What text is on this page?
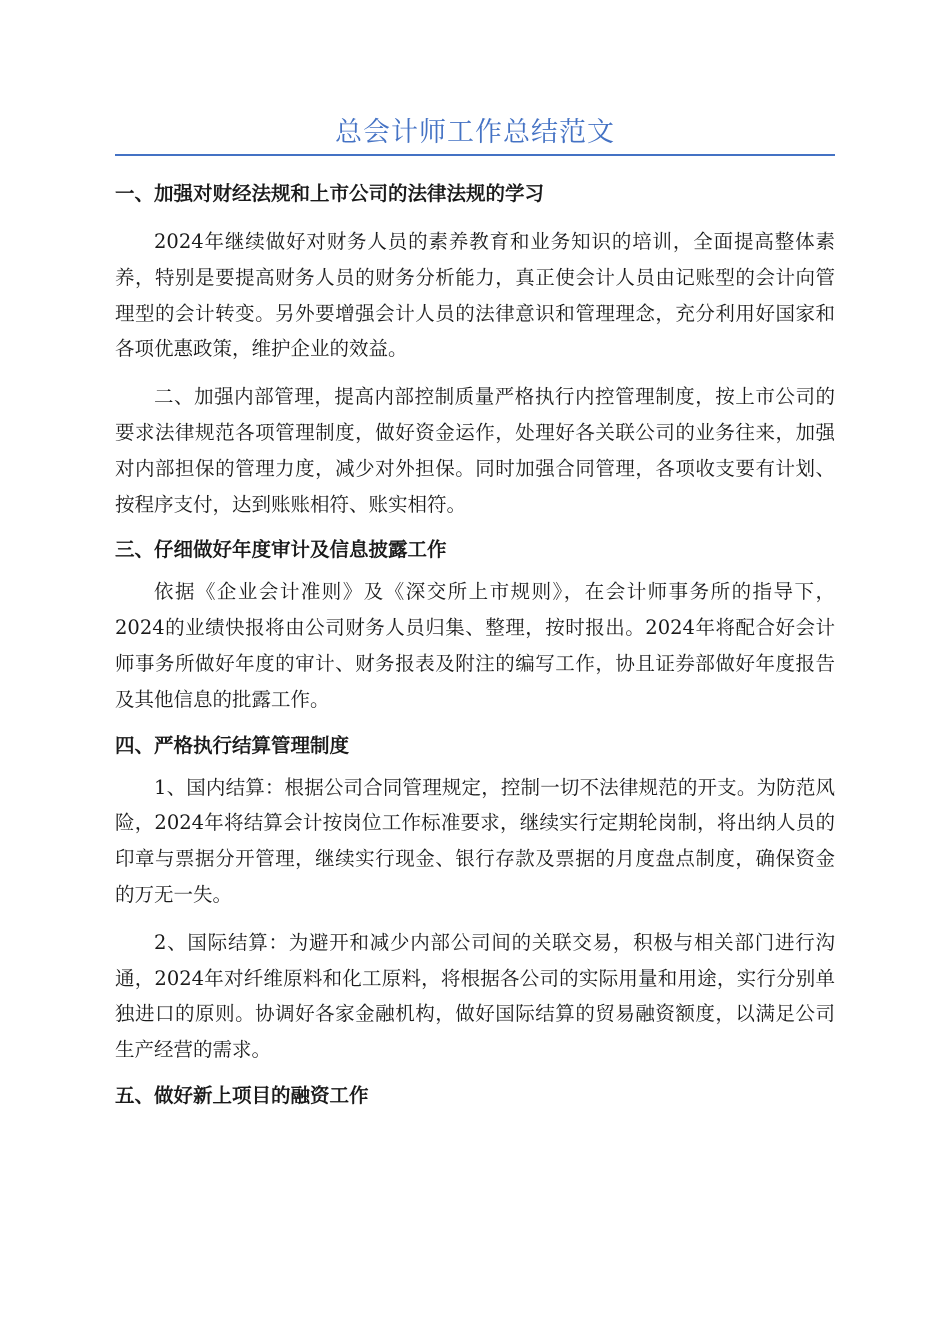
总会计师工作总结范文
一、加强对财经法规和上市公司的法律法规的学习

2024年继续做好对财务人员的素养教育和业务知识的培训，全面提高整体素养，特别是要提高财务人员的财务分析能力，真正使会计人员由记账型的会计向管理型的会计转变。另外要增强会计人员的法律意识和管理理念，充分利用好国家和各项优惠政策，维护企业的效益。

二、加强内部管理，提高内部控制质量严格执行内控管理制度，按上市公司的要求法律规范各项管理制度，做好资金运作，处理好各关联公司的业务往来，加强对内部担保的管理力度，减少对外担保。同时加强合同管理，各项收支要有计划、按程序支付，达到账账相符、账实相符。

三、仔细做好年度审计及信息披露工作

依据《企业会计准则》及《深交所上市规则》，在会计师事务所的指导下，2024的业绩快报将由公司财务人员归集、整理，按时报出。2024年将配合好会计师事务所做好年度的审计、财务报表及附注的编写工作，协且证券部做好年度报告及其他信息的批露工作。

四、严格执行结算管理制度

1、国内结算：根据公司合同管理规定，控制一切不法律规范的开支。为防范风险，2024年将结算会计按岗位工作标准要求，继续实行定期轮岗制，将出纳人员的印章与票据分开管理，继续实行现金、银行存款及票据的月度盘点制度，确保资金的万无一失。

2、国际结算：为避开和减少内部公司间的关联交易，积极与相关部门进行沟通，2024年对纤维原料和化工原料，将根据各公司的实际用量和用途，实行分别单独进口的原则。协调好各家金融机构，做好国际结算的贸易融资额度，以满足公司生产经营的需求。

五、做好新上项目的融资工作
